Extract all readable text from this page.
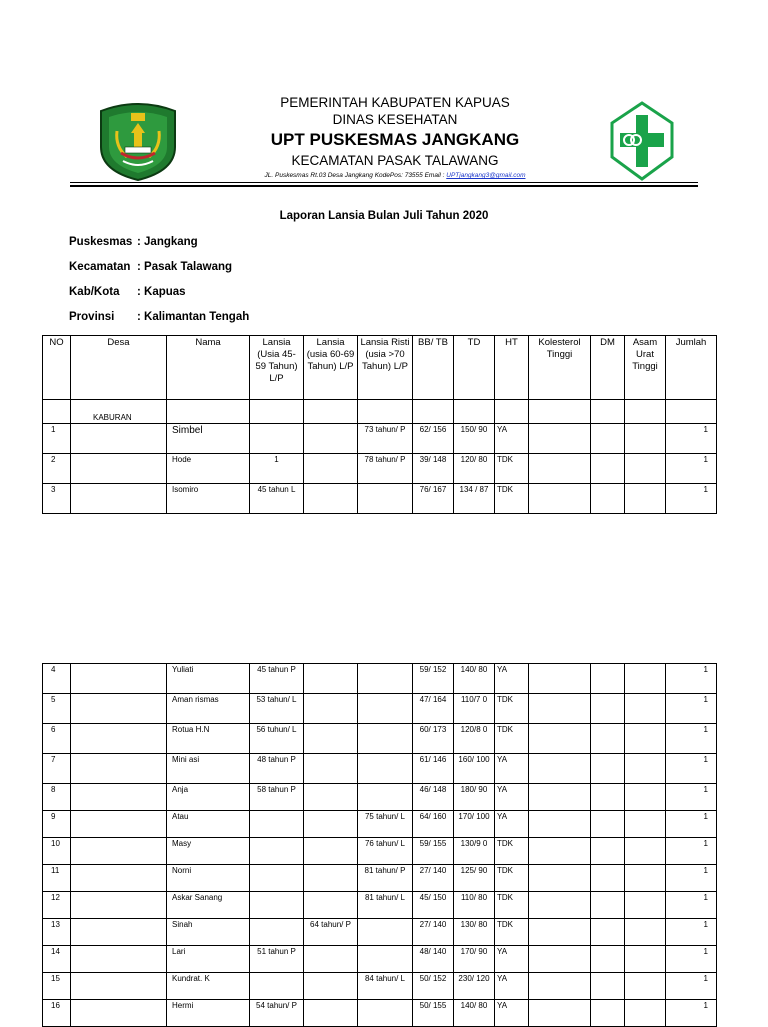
PEMERINTAH KABUPATEN KAPUAS
DINAS KESEHATAN
UPT PUSKESMAS JANGKANG
KECAMATAN PASAK TALAWANG
JL. Puskesmas Rt.03 Desa Jangkang KodePos: 73555 Email : UPTjangkang3@gmail.com
Laporan Lansia Bulan Juli Tahun 2020
Puskesmas : Jangkang
Kecamatan : Pasak Talawang
Kab/Kota : Kapuas
Provinsi : Kalimantan Tengah
NO	Desa	Nama	Lansia (Usia 45-59 Tahun) L/P	Lansia (usia 60-69 Tahun) L/P	Lansia Risti (usia >70 Tahun) L/P	BB/ TB	TD	HT	Kolesterol Tinggi	DM	Asam Urat Tinggi	Jumlah
	KABURAN											
1		Simbel			73 tahun/ P	62/ 156	150/ 90	YA				1
2		Hode	1		78 tahun/ P	39/ 148	120/ 80	TDK				1
3		Isomiro	45 tahun L			76/ 167	134 / 87	TDK				1
4		Yuliati	45 tahun P			59/ 152	140/ 80	YA				1
5		Aman rismas	53 tahun/ L			47/ 164	110/7 0	TDK				1
6		Rotua H.N	56 tuhun/ L			60/ 173	120/8 0	TDK				1
7		Mini asi	48 tahun P			61/ 146	160/ 100	YA				1
8		Anja	58 tahun P			46/ 148	180/ 90	YA				1
9		Atau			75 tahun/ L	64/ 160	170/ 100	YA				1
10		Masy			76 tahun/ L	59/ 155	130/9 0	TDK				1
11		Norni			81 tahun/ P	27/ 140	125/ 90	TDK				1
12		Askar Sanang			81 tahun/ L	45/ 150	110/ 80	TDK				1
13		Sinah		64 tahun/ P		27/ 140	130/ 80	TDK				1
14		Lari	51 tahun P			48/ 140	170/ 90	YA				1
15		Kundrat. K			84 tahun/ L	50/ 152	230/ 120	YA				1
16		Hermi	54 tahun/ P			50/ 155	140/ 80	YA				1
